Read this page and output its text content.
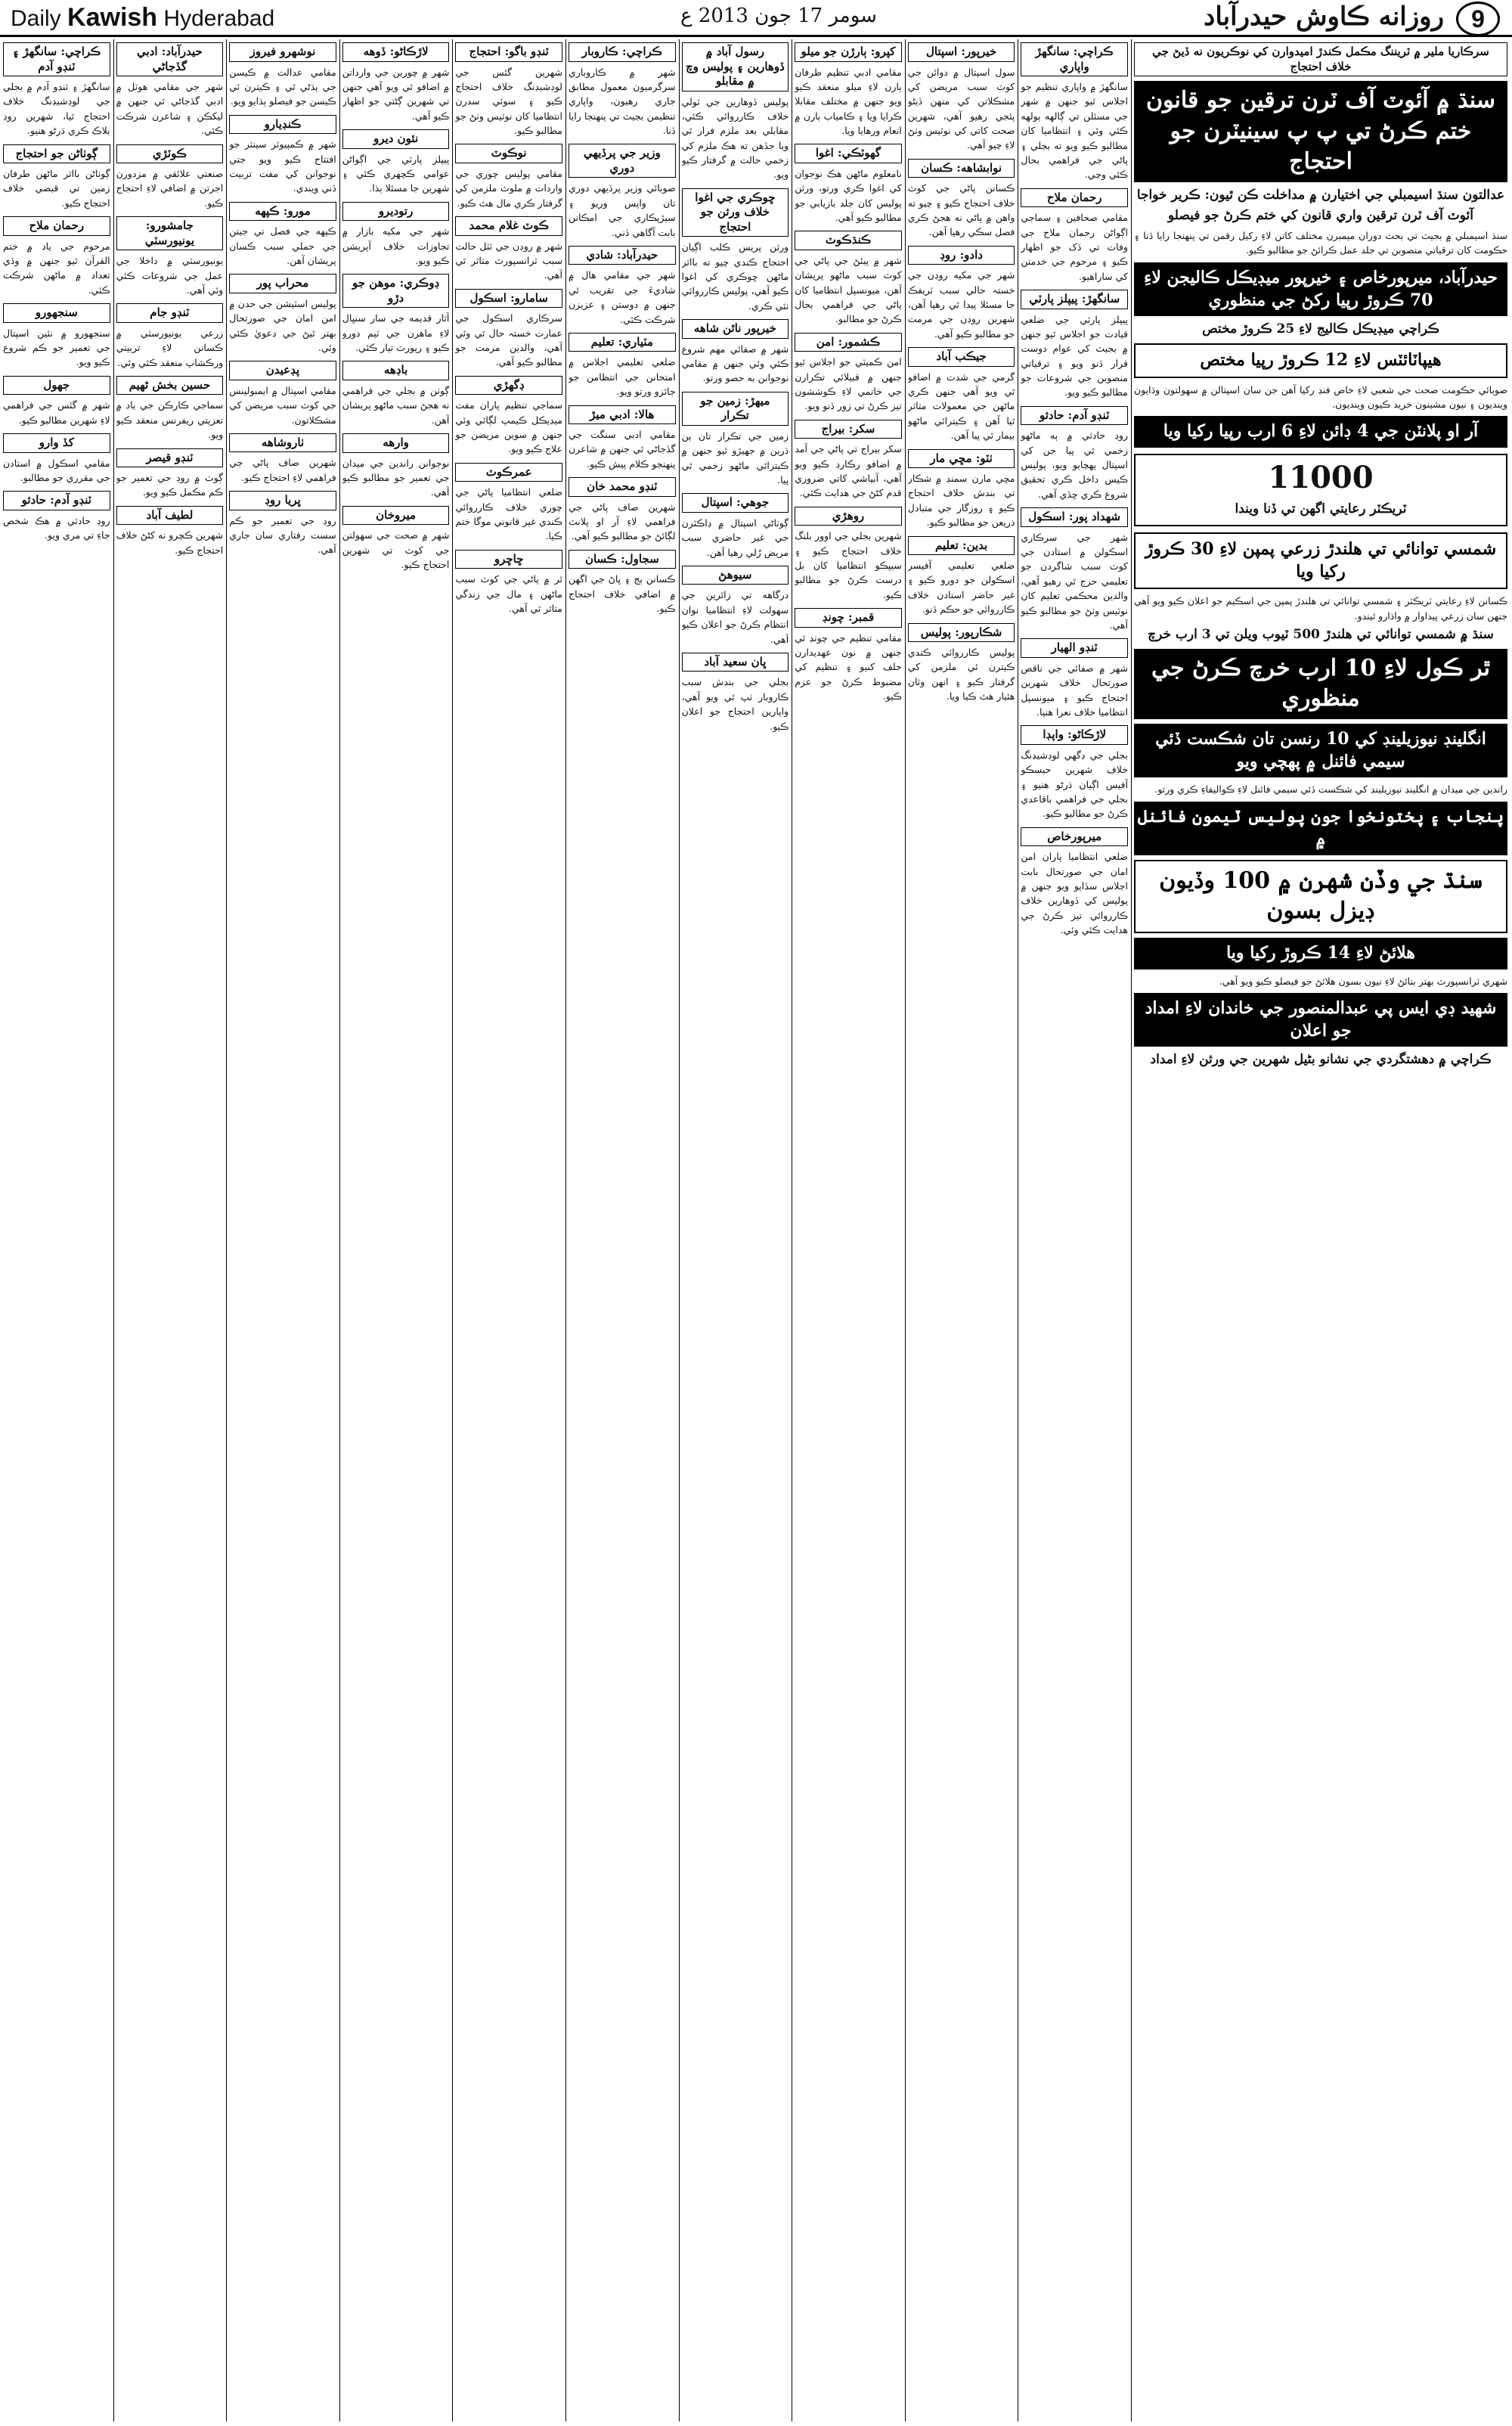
Daily Kawish Hyderabad	سومر 17 جون 2013 ع	روزانه ڪاوش حيدرآباد	9
سرڪاريا ملير ۾ ٽريننگ مڪمل ڪندڙ اميدوارن کي نوڪريون نه ڏيڻ جي خلاف احتجاج
سنڌ ۾ آئوٽ آف ٽرن ترقين جو قانون ختم ڪرڻ تي پ پ سينيٽرن جو احتجاج
عدالتون سنڌ اسيمبلي جي اختيارن ۾ مداخلت ڪن ٿيون: ڪرير خواجا
آئوٽ آف ٽرن ترقين واري قانون کي ختم ڪرڻ جو فيصلو

سنڌ اسيمبلي ۾ بجيٽ تي بحث دوران ميمبرن مختلف کاتن لاءِ رکيل رقمن تي پنهنجا رايا ڏنا ۽ حڪومت کان ترقياتي منصوبن تي جلد عمل ڪرائڻ جو مطالبو ڪيو.

حيدرآباد، ميرپورخاص ۽ خيرپور ميڊيڪل ڪاليجن لاءِ 70 ڪروڙ رپيا رکڻ جي منظوري
ڪراچي ميڊيڪل ڪاليج لاءِ 25 ڪروڙ مختص
هيپاٽائٽس لاءِ 12 ڪروڙ رپيا مختص

صوبائي حڪومت صحت جي شعبي لاءِ خاص فنڊ رکيا آهن جن سان اسپتالن ۾ سهولتون وڌايون وينديون ۽ نيون مشينون خريد ڪيون وينديون.

آر او پلانٽن جي 4 ڊائن لاءِ 6 ارب رپيا رکيا ويا
11000
ٽريڪٽر رعايتي اگهن تي ڏنا ويندا
شمسي توانائي تي هلندڙ زرعي پمپن لاءِ 30 ڪروڙ رکيا ويا

ڪسانن لاءِ رعايتي ٽريڪٽر ۽ شمسي توانائي تي هلندڙ پمپن جي اسڪيم جو اعلان ڪيو ويو آهي جنهن سان زرعي پيداوار ۾ واڌارو ٿيندو.

سنڌ ۾ شمسي توانائي تي هلندڙ 500 ٽيوب ويلن تي 3 ارب خرچ
ٿر ڪول لاءِ 10 ارب خرچ ڪرڻ جي منظوري
انگلينڊ نيوزيلينڊ کي 10 رنسن تان شڪست ڏئي سيمي فائنل ۾ پهچي ويو

راندين جي ميدان ۾ انگلينڊ نيوزيلينڊ کي شڪست ڏئي سيمي فائنل لاءِ ڪواليفاءِ ڪري ورتو.

پنجاب ۽ پختونخوا جون پوليس ٽيمون فائنل ۾
سنڌ جي وڏن شهرن ۾ 100 وڏيون ڊيزل بسون
هلائڻ لاءِ 14 ڪروڙ رکيا ويا

شهري ٽرانسپورٽ بهتر بنائڻ لاءِ نيون بسون هلائڻ جو فيصلو ڪيو ويو آهي.

شهيد ڊي ايس پي عبدالمنصور جي خاندان لاءِ امداد جو اعلان
ڪراچي ۾ دهشتگردي جي نشانو بڻيل شهرين جي ورثن لاءِ امداد
ڪراچي: سانگهڙ واپاري

سانگهڙ ۾ واپاري تنظيم جو اجلاس ٿيو جنهن ۾ شهر جي مسئلن تي ڳالهه ٻولهه ڪئي وئي ۽ انتظاميا کان مطالبو ڪيو ويو ته بجلي ۽ پاڻي جي فراهمي بحال ڪئي وڃي.

رحمان ملاح

مقامي صحافين ۽ سماجي اڳواڻن رحمان ملاح جي وفات تي ڏک جو اظهار ڪيو ۽ مرحوم جي خدمتن کي ساراهيو.

سانگهڙ: پيپلز پارٽي

پيپلز پارٽي جي ضلعي قيادت جو اجلاس ٿيو جنهن ۾ بجيٽ کي عوام دوست قرار ڏنو ويو ۽ ترقياتي منصوبن جي شروعات جو مطالبو ڪيو ويو.

ٽنڊو آدم: حادثو

روڊ حادثي ۾ ٻه ماڻهو زخمي ٿي پيا جن کي اسپتال پهچايو ويو، پوليس ڪيس داخل ڪري تحقيق شروع ڪري ڇڏي آهي.

شهداد پور: اسڪول

شهر جي سرڪاري اسڪولن ۾ استادن جي کوٽ سبب شاگردن جو تعليمي حرج ٿي رهيو آهي، والدين محڪمي تعليم کان نوٽيس وٺڻ جو مطالبو ڪيو آهي.

ٽنڊو الهيار

شهر ۾ صفائي جي ناقص صورتحال خلاف شهرين احتجاج ڪيو ۽ ميونسپل انتظاميا خلاف نعرا هنيا.

لاڙڪاڻو: واپڊا

بجلي جي ڊگهي لوڊشيڊنگ خلاف شهرين حيسڪو آفيس اڳيان ڌرڻو هنيو ۽ بجلي جي فراهمي باقاعدي ڪرڻ جو مطالبو ڪيو.

ميرپورخاص

ضلعي انتظاميا پاران امن امان جي صورتحال بابت اجلاس سڏايو ويو جنهن ۾ پوليس کي ڏوهارين خلاف ڪارروائي تيز ڪرڻ جي هدايت ڪئي وئي.

خيرپور: اسپتال

سول اسپتال ۾ دوائن جي کوٽ سبب مريضن کي مشڪلاتن کي منهن ڏيڻو پئجي رهيو آهي، شهرين صحت کاتي کي نوٽيس وٺڻ لاءِ چيو آهي.

نوابشاهه: ڪسان

ڪسانن پاڻي جي کوٽ خلاف احتجاج ڪيو ۽ چيو ته واهن ۾ پاڻي نه هجڻ ڪري فصل سڪي رهيا آهن.

دادو: روڊ

شهر جي مکيه روڊن جي خستہ حالي سبب ٽريفڪ جا مسئلا پيدا ٿي رهيا آهن، شهرين روڊن جي مرمت جو مطالبو ڪيو آهي.

جيڪب آباد

گرمي جي شدت ۾ اضافو ٿي ويو آهي جنهن ڪري ماڻهن جي معمولات متاثر ٿيا آهن ۽ ڪيترائي ماڻهو بيمار ٿي پيا آهن.

ٺٽو: مڇي مار

مڇي مارن سمنڊ ۾ شڪار تي بندش خلاف احتجاج ڪيو ۽ روزگار جي متبادل ذريعن جو مطالبو ڪيو.

بدين: تعليم

ضلعي تعليمي آفيسر اسڪولن جو دورو ڪيو ۽ غير حاضر استادن خلاف ڪارروائي جو حڪم ڏنو.

شڪارپور: پوليس

پوليس ڪارروائي ڪندي ڪيترن ئي ملزمن کي گرفتار ڪيو ۽ انهن وٽان هٿيار هٿ ڪيا ويا.

کپرو: ٻارڙن جو ميلو

مقامي ادبي تنظيم طرفان ٻارن لاءِ ميلو منعقد ڪيو ويو جنهن ۾ مختلف مقابلا ڪرايا ويا ۽ ڪامياب ٻارن ۾ انعام ورهايا ويا.

گهوٽڪي: اغوا

نامعلوم ماڻهن هڪ نوجوان کي اغوا ڪري ورتو، ورثن پوليس کان جلد بازيابي جو مطالبو ڪيو آهي.

ڪنڌڪوٽ

شهر ۾ پيئڻ جي پاڻي جي کوٽ سبب ماڻهو پريشان آهن، ميونسپل انتظاميا کان پاڻي جي فراهمي بحال ڪرڻ جو مطالبو.

ڪشمور: امن

امن ڪميٽي جو اجلاس ٿيو جنهن ۾ قبيلائي تڪرارن جي خاتمي لاءِ ڪوششون تيز ڪرڻ تي زور ڏنو ويو.

سکر: بيراج

سکر بيراج تي پاڻي جي آمد ۾ اضافو رڪارڊ ڪيو ويو آهي، آبپاشي کاتي ضروري قدم کڻڻ جي هدايت ڪئي.

روهڙي

شهرين بجلي جي اوور بلنگ خلاف احتجاج ڪيو ۽ سيپڪو انتظاميا کان بل درست ڪرڻ جو مطالبو ڪيو.

قمبر: چونڊ

مقامي تنظيم جي چونڊ ٿي جنهن ۾ نون عهديدارن حلف کنيو ۽ تنظيم کي مضبوط ڪرڻ جو عزم ڪيو.

رسول آباد ۾ ڏوهارين ۽ پوليس وچ ۾ مقابلو

پوليس ڏوهارين جي ٽولي خلاف ڪارروائي ڪئي، مقابلي بعد ملزم فرار ٿي ويا جڏهن ته هڪ ملزم کي زخمي حالت ۾ گرفتار ڪيو ويو.

ڇوڪري جي اغوا خلاف ورثن جو احتجاج

ورثن پريس ڪلب اڳيان احتجاج ڪندي چيو ته بااثر ماڻهن ڇوڪري کي اغوا ڪيو آهي، پوليس ڪارروائي نٿي ڪري.

خيرپور ناٿن شاهه

شهر ۾ صفائي مهم شروع ڪئي وئي جنهن ۾ مقامي نوجوانن به حصو ورتو.

ميهڙ: زمين جو تڪرار

زمين جي تڪرار تان ٻن ڌرين ۾ جهيڙو ٿيو جنهن ۾ ڪيترائي ماڻهو زخمي ٿي پيا.

جوهي: اسپتال

ڳوٺاڻي اسپتال ۾ ڊاڪٽرن جي غير حاضري سبب مريض رُلي رهيا آهن.

سيوهڻ

درگاهه تي زائرين جي سهولت لاءِ انتظاميا نوان انتظام ڪرڻ جو اعلان ڪيو آهي.

ڀان سعيد آباد

بجلي جي بندش سبب ڪاروبار ٺپ ٿي ويو آهي، واپارين احتجاج جو اعلان ڪيو.

ڪراچي: ڪاروبار

شهر ۾ ڪاروباري سرگرميون معمول مطابق جاري رهيون، واپاري تنظيمن بجيٽ تي پنهنجا رايا ڏنا.

وزير جي پرڏيهي دوري

صوبائي وزير پرڏيهي دوري تان واپس وريو ۽ سيڙپڪاري جي امڪانن بابت آگاهي ڏني.

حيدرآباد: شادي

شهر جي مقامي هال ۾ شاديءَ جي تقريب ٿي جنهن ۾ دوستن ۽ عزيزن شرڪت ڪئي.

مٽياري: تعليم

ضلعي تعليمي اجلاس ۾ امتحانن جي انتظامن جو جائزو ورتو ويو.

هالا: ادبي ميڙ

مقامي ادبي سنگت جي گڏجاڻي ٿي جنهن ۾ شاعرن پنهنجو ڪلام پيش ڪيو.

ٽنڊو محمد خان

شهرين صاف پاڻي جي فراهمي لاءِ آر او پلانٽ لڳائڻ جو مطالبو ڪيو آهي.

سجاول: ڪسان

ڪسانن ٻج ۽ ڀاڻ جي اگهن ۾ اضافي خلاف احتجاج ڪيو.

ٽنڊو باگو: احتجاج

شهرين گئس جي لوڊشيڊنگ خلاف احتجاج ڪيو ۽ سوئي سدرن انتظاميا کان نوٽيس وٺڻ جو مطالبو ڪيو.

نوڪوٽ

مقامي پوليس چوري جي واردات ۾ ملوث ملزمن کي گرفتار ڪري مال هٿ ڪيو.

ڪوٽ غلام محمد

شهر ۾ روڊن جي ٽٽل حالت سبب ٽرانسپورٽ متاثر ٿي آهي.

سامارو: اسڪول

سرڪاري اسڪول جي عمارت خستہ حال ٿي وئي آهي، والدين مرمت جو مطالبو ڪيو آهي.

ڊگهڙي

سماجي تنظيم پاران مفت ميڊيڪل ڪيمپ لڳائي وئي جنهن ۾ سوين مريضن جو علاج ڪيو ويو.

عمرڪوٽ

ضلعي انتظاميا پاڻي جي چوري خلاف ڪارروائي ڪندي غير قانوني موگا ختم ڪيا.

ڇاڇرو

ٿر ۾ پاڻي جي کوٽ سبب ماڻهن ۽ مال جي زندگي متاثر ٿي آهي.

لاڙڪاڻو: ڏوهه

شهر ۾ چورين جي وارداتن ۾ اضافو ٿي ويو آهي جنهن تي شهرين ڳڻتي جو اظهار ڪيو آهي.

نئون ديرو

پيپلز پارٽي جي اڳواڻن عوامي ڪچهري ڪئي ۽ شهرين جا مسئلا ٻڌا.

رتوديرو

شهر جي مکيه بازار ۾ تجاوزات خلاف آپريشن ڪيو ويو.

ڊوڪري: موهن جو دڙو

آثار قديمه جي سار سنڀال لاءِ ماهرن جي ٽيم دورو ڪيو ۽ رپورٽ تيار ڪئي.

باڊهه

ڳوٺن ۾ بجلي جي فراهمي نه هجڻ سبب ماڻهو پريشان آهن.

وارهه

نوجوانن راندين جي ميدان جي تعمير جو مطالبو ڪيو آهي.

ميروخان

شهر ۾ صحت جي سهولتن جي کوٽ تي شهرين احتجاج ڪيو.

نوشهرو فيروز

مقامي عدالت ۾ ڪيسن جي ٻڌڻي ٿي ۽ ڪيترن ئي ڪيسن جو فيصلو ٻڌايو ويو.

ڪنڊيارو

شهر ۾ ڪمپيوٽر سينٽر جو افتتاح ڪيو ويو جتي نوجوانن کي مفت تربيت ڏني ويندي.

مورو: ڪپهه

ڪپهه جي فصل تي جيتن جي حملي سبب ڪسان پريشان آهن.

محراب پور

پوليس اسٽيشن جي حدن ۾ امن امان جي صورتحال بهتر ٿيڻ جي دعويٰ ڪئي وئي.

پڊعيدن

مقامي اسپتال ۾ ايمبولينس جي کوٽ سبب مريضن کي مشڪلاتون.

ٺاروشاهه

شهرين صاف پاڻي جي فراهمي لاءِ احتجاج ڪيو.

ڀريا روڊ

روڊ جي تعمير جو ڪم سست رفتاري سان جاري آهي.

حيدرآباد: ادبي گڏجاڻي

شهر جي مقامي هوٽل ۾ ادبي گڏجاڻي ٿي جنهن ۾ ليکڪن ۽ شاعرن شرڪت ڪئي.

ڪوٽڙي

صنعتي علائقي ۾ مزدورن اجرتن ۾ اضافي لاءِ احتجاج ڪيو.

جامشورو: يونيورسٽي

يونيورسٽي ۾ داخلا جي عمل جي شروعات ڪئي وئي آهي.

ٽنڊو جام

زرعي يونيورسٽي ۾ ڪسانن لاءِ تربيتي ورڪشاپ منعقد ڪئي وئي.

حسين بخش ٿهيم

سماجي ڪارڪن جي ياد ۾ تعزيتي ريفرنس منعقد ڪيو ويو.

ٽنڊو قيصر

ڳوٺ ۾ روڊ جي تعمير جو ڪم مڪمل ڪيو ويو.

لطيف آباد

شهرين ڪچرو نه کڻڻ خلاف احتجاج ڪيو.

ڪراچي: سانگهڙ ۽ ٽنڊو آدم

سانگهڙ ۽ ٽنڊو آدم ۾ بجلي جي لوڊشيڊنگ خلاف احتجاج ٿيا، شهرين روڊ بلاڪ ڪري ڌرڻو هنيو.

ڳوٺاڻن جو احتجاج

ڳوٺاڻن بااثر ماڻهن طرفان زمين تي قبضي خلاف احتجاج ڪيو.

رحمان ملاح

مرحوم جي ياد ۾ ختم القرآن ٿيو جنهن ۾ وڏي تعداد ۾ ماڻهن شرڪت ڪئي.

سنجهورو

سنجهورو ۾ نئين اسپتال جي تعمير جو ڪم شروع ڪيو ويو.

جهول

شهر ۾ گئس جي فراهمي لاءِ شهرين مطالبو ڪيو.

کڏ وارو

مقامي اسڪول ۾ استادن جي مقرري جو مطالبو.

ٽنڊو آدم: حادثو

روڊ حادثي ۾ هڪ شخص جاءِ تي مري ويو.
